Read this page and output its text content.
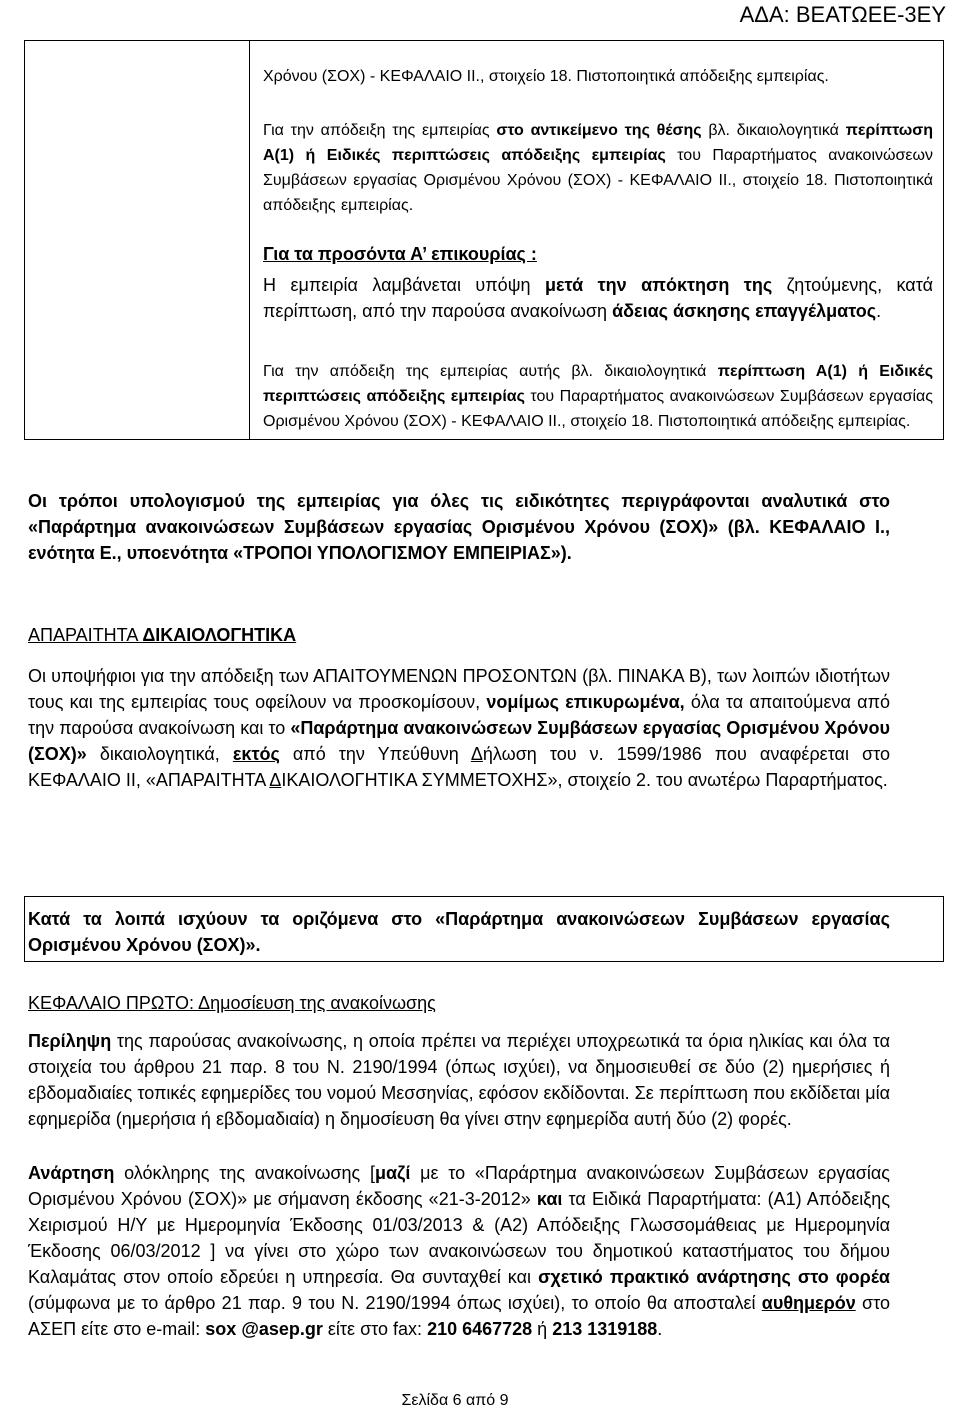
ΑΔΑ: ΒΕΑΤΩΕΕ-3ΕΥ
Χρόνου (ΣΟΧ) - ΚΕΦΑΛΑΙΟ ΙΙ., στοιχείο 18. Πιστοποιητικά απόδειξης εμπειρίας.
Για την απόδειξη της εμπειρίας στο αντικείμενο της θέσης βλ. δικαιολογητικά περίπτωση Α(1) ή Ειδικές περιπτώσεις απόδειξης εμπειρίας του Παραρτήματος ανακοινώσεων Συμβάσεων εργασίας Ορισμένου Χρόνου (ΣΟΧ) - ΚΕΦΑΛΑΙΟ ΙΙ., στοιχείο 18. Πιστοποιητικά απόδειξης εμπειρίας.
Για τα προσόντα Α’ επικουρίας :
Η εμπειρία λαμβάνεται υπόψη μετά την απόκτηση της ζητούμενης, κατά περίπτωση, από την παρούσα ανακοίνωση άδειας άσκησης επαγγέλματος.
Για την απόδειξη της εμπειρίας αυτής βλ. δικαιολογητικά περίπτωση Α(1) ή Ειδικές περιπτώσεις απόδειξης εμπειρίας του Παραρτήματος ανακοινώσεων Συμβάσεων εργασίας Ορισμένου Χρόνου (ΣΟΧ) - ΚΕΦΑΛΑΙΟ ΙΙ., στοιχείο 18. Πιστοποιητικά απόδειξης εμπειρίας.
Οι τρόποι υπολογισμού της εμπειρίας για όλες τις ειδικότητες περιγράφονται αναλυτικά στο «Παράρτημα ανακοινώσεων Συμβάσεων εργασίας Ορισμένου Χρόνου (ΣΟΧ)» (βλ. ΚΕΦΑΛΑΙΟ Ι., ενότητα Ε., υποενότητα «ΤΡΟΠΟΙ ΥΠΟΛΟΓΙΣΜΟΥ ΕΜΠΕΙΡΙΑΣ»).
ΑΠΑΡΑΙΤΗΤΑ ΔΙΚΑΙΟΛΟΓΗΤΙΚΑ
Οι υποψήφιοι για την απόδειξη των ΑΠΑΙΤΟΥΜΕΝΩΝ ΠΡΟΣΟΝΤΩΝ (βλ. ΠΙΝΑΚΑ Β), των λοιπών ιδιοτήτων τους και της εμπειρίας τους οφείλουν να προσκομίσουν, νομίμως επικυρωμένα, όλα τα απαιτούμενα από την παρούσα ανακοίνωση και το «Παράρτημα ανακοινώσεων Συμβάσεων εργασίας Ορισμένου Χρόνου (ΣΟΧ)» δικαιολογητικά, εκτός από την Υπεύθυνη Δήλωση του ν. 1599/1986 που αναφέρεται στο ΚΕΦΑΛΑΙΟ ΙΙ, «ΑΠΑΡΑΙΤΗΤΑ ΔΙΚΑΙΟΛΟΓΗΤΙΚΑ ΣΥΜΜΕΤΟΧΗΣ», στοιχείο 2. του ανωτέρω Παραρτήματος.
Κατά τα λοιπά ισχύουν τα οριζόμενα στο «Παράρτημα ανακοινώσεων Συμβάσεων εργασίας Ορισμένου Χρόνου (ΣΟΧ)».
ΚΕΦΑΛΑΙΟ ΠΡΩΤΟ: Δημοσίευση της ανακοίνωσης
Περίληψη της παρούσας ανακοίνωσης, η οποία πρέπει να περιέχει υποχρεωτικά τα όρια ηλικίας και όλα τα στοιχεία του άρθρου 21 παρ. 8 του Ν. 2190/1994 (όπως ισχύει), να δημοσιευθεί σε δύο (2) ημερήσιες ή εβδομαδιαίες τοπικές εφημερίδες του νομού Μεσσηνίας, εφόσον εκδίδονται. Σε περίπτωση που εκδίδεται μία εφημερίδα (ημερήσια ή εβδομαδιαία) η δημοσίευση θα γίνει στην εφημερίδα αυτή δύο (2) φορές.
Ανάρτηση ολόκληρης της ανακοίνωσης [μαζί με το «Παράρτημα ανακοινώσεων Συμβάσεων εργασίας Ορισμένου Χρόνου (ΣΟΧ)» με σήμανση έκδοσης «21-3-2012» και τα Ειδικά Παραρτήματα: (Α1) Απόδειξης Χειρισμού Η/Υ με Ημερομηνία Έκδοσης 01/03/2013 & (Α2) Απόδειξης Γλωσσομάθειας με Ημερομηνία Έκδοσης 06/03/2012 ] να γίνει στο χώρο των ανακοινώσεων του δημοτικού καταστήματος του δήμου Καλαμάτας στον οποίο εδρεύει η υπηρεσία. Θα συνταχθεί και σχετικό πρακτικό ανάρτησης στο φορέα (σύμφωνα με το άρθρο 21 παρ. 9 του Ν. 2190/1994 όπως ισχύει), το οποίο θα αποσταλεί αυθημερόν στο ΑΣΕΠ είτε στο e-mail: sox @asep.gr είτε στο fax: 210 6467728 ή 213 1319188.
Σελίδα 6 από 9
